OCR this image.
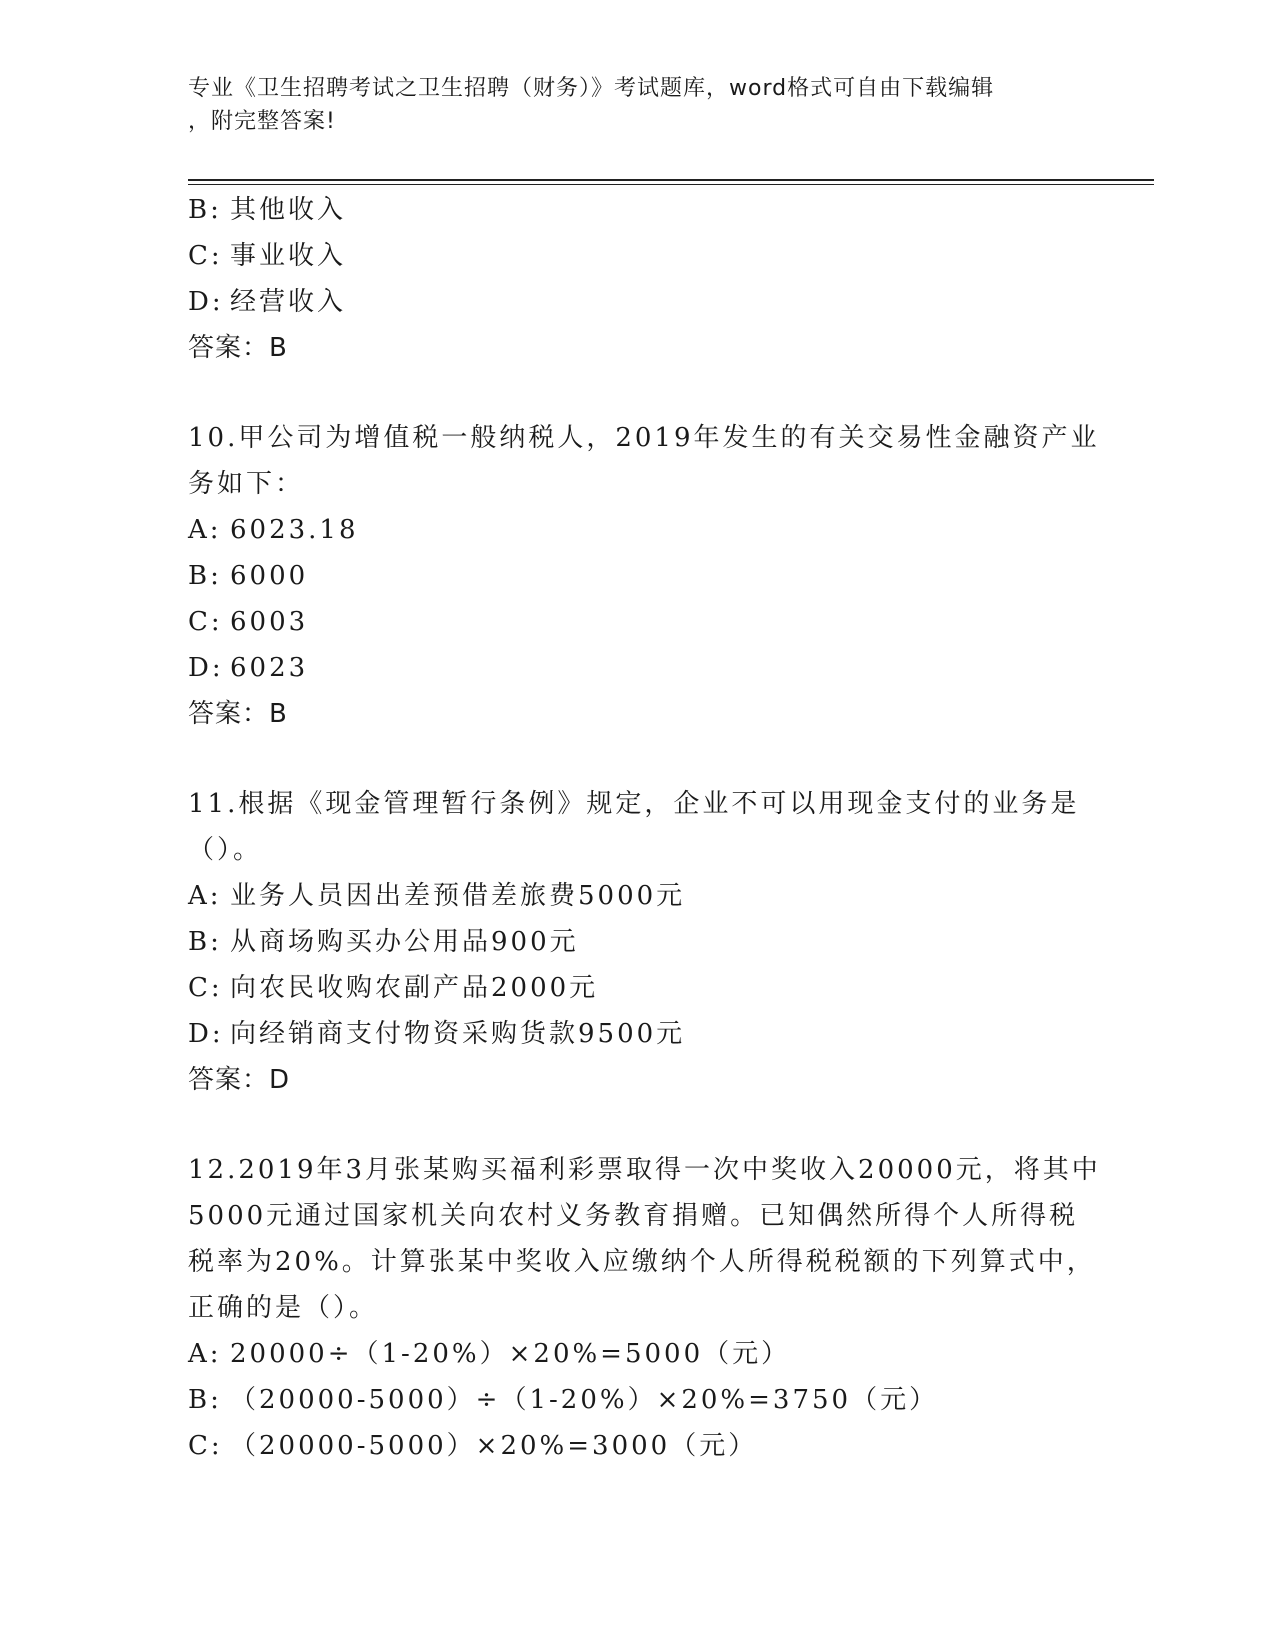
专业《卫生招聘考试之卫生招聘（财务）》考试题库，word格式可自由下载编辑
，附完整答案!
B: 其他收入
C: 事业收入
D: 经营收入
答案：B
10.甲公司为增值税一般纳税人，2019年发生的有关交易性金融资产业
务如下：
A: 6023.18
B: 6000
C: 6003
D: 6023
答案：B
11.根据《现金管理暂行条例》规定，企业不可以用现金支付的业务是
（）。
A: 业务人员因出差预借差旅费5000元
B: 从商场购买办公用品900元
C: 向农民收购农副产品2000元
D: 向经销商支付物资采购货款9500元
答案：D
12.2019年3月张某购买福利彩票取得一次中奖收入20000元，将其中
5000元通过国家机关向农村义务教育捐赠。已知偶然所得个人所得税
税率为20%。计算张某中奖收入应缴纳个人所得税税额的下列算式中，
正确的是（）。
A: 20000÷（1-20%）×20%=5000（元）
B: （20000-5000）÷（1-20%）×20%=3750（元）
C: （20000-5000）×20%=3000（元）
